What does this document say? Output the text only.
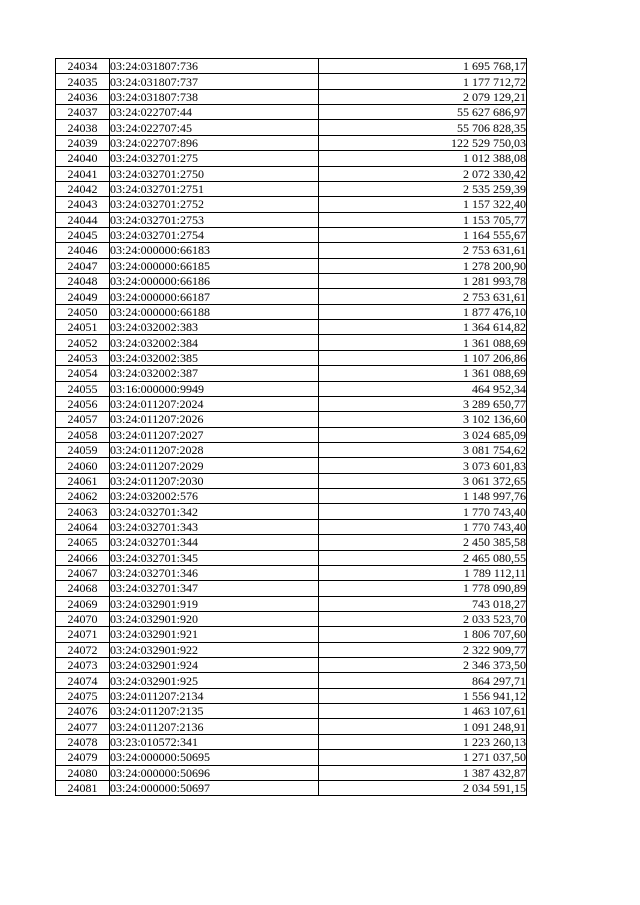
24034	03:24:031807:736	1 695 768,17
24035	03:24:031807:737	1 177 712,72
24036	03:24:031807:738	2 079 129,21
24037	03:24:022707:44	55 627 686,97
24038	03:24:022707:45	55 706 828,35
24039	03:24:022707:896	122 529 750,03
24040	03:24:032701:275	1 012 388,08
24041	03:24:032701:2750	2 072 330,42
24042	03:24:032701:2751	2 535 259,39
24043	03:24:032701:2752	1 157 322,40
24044	03:24:032701:2753	1 153 705,77
24045	03:24:032701:2754	1 164 555,67
24046	03:24:000000:66183	2 753 631,61
24047	03:24:000000:66185	1 278 200,90
24048	03:24:000000:66186	1 281 993,78
24049	03:24:000000:66187	2 753 631,61
24050	03:24:000000:66188	1 877 476,10
24051	03:24:032002:383	1 364 614,82
24052	03:24:032002:384	1 361 088,69
24053	03:24:032002:385	1 107 206,86
24054	03:24:032002:387	1 361 088,69
24055	03:16:000000:9949	464 952,34
24056	03:24:011207:2024	3 289 650,77
24057	03:24:011207:2026	3 102 136,60
24058	03:24:011207:2027	3 024 685,09
24059	03:24:011207:2028	3 081 754,62
24060	03:24:011207:2029	3 073 601,83
24061	03:24:011207:2030	3 061 372,65
24062	03:24:032002:576	1 148 997,76
24063	03:24:032701:342	1 770 743,40
24064	03:24:032701:343	1 770 743,40
24065	03:24:032701:344	2 450 385,58
24066	03:24:032701:345	2 465 080,55
24067	03:24:032701:346	1 789 112,11
24068	03:24:032701:347	1 778 090,89
24069	03:24:032901:919	743 018,27
24070	03:24:032901:920	2 033 523,70
24071	03:24:032901:921	1 806 707,60
24072	03:24:032901:922	2 322 909,77
24073	03:24:032901:924	2 346 373,50
24074	03:24:032901:925	864 297,71
24075	03:24:011207:2134	1 556 941,12
24076	03:24:011207:2135	1 463 107,61
24077	03:24:011207:2136	1 091 248,91
24078	03:23:010572:341	1 223 260,13
24079	03:24:000000:50695	1 271 037,50
24080	03:24:000000:50696	1 387 432,87
24081	03:24:000000:50697	2 034 591,15
